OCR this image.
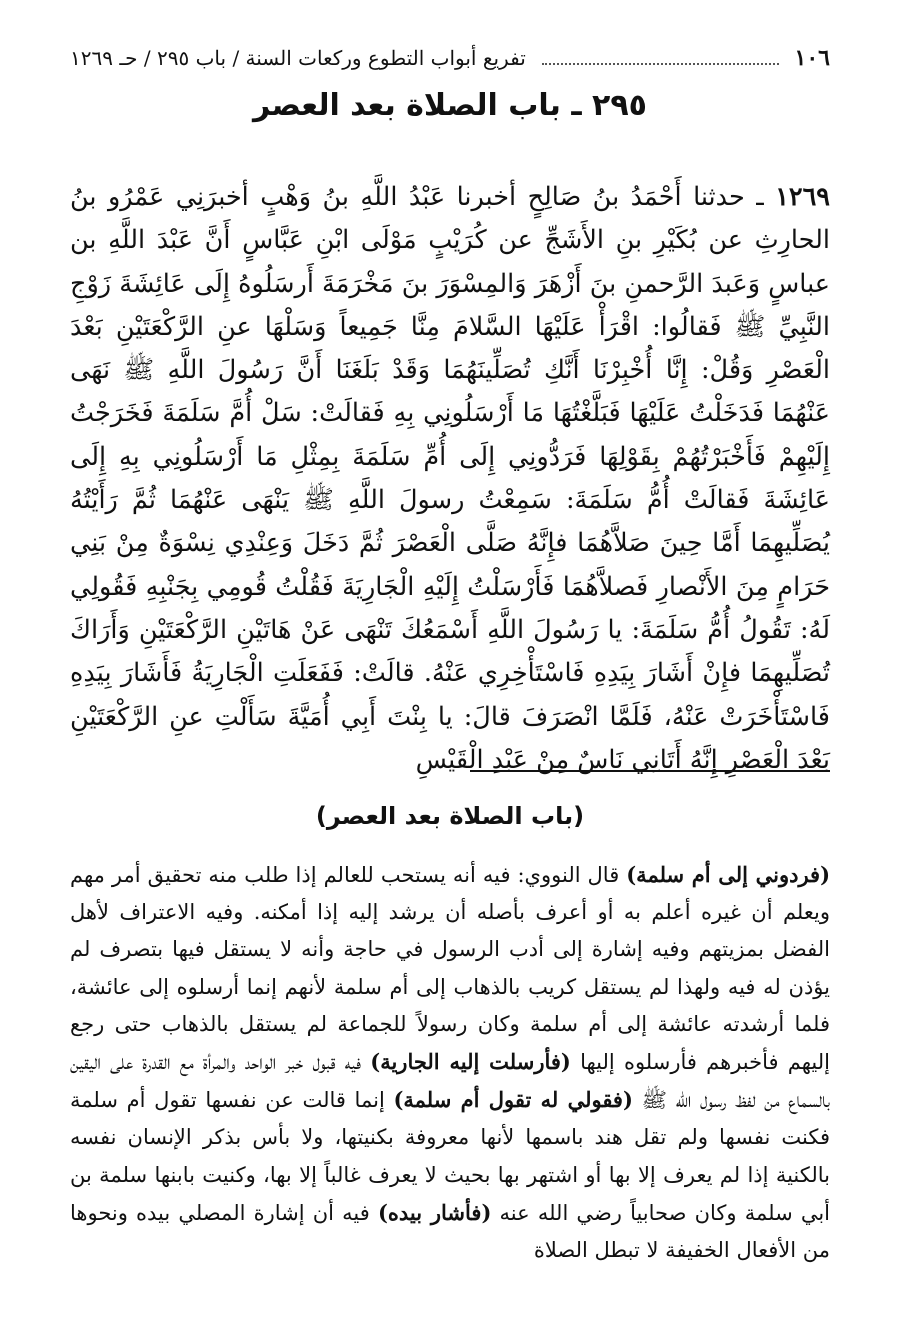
١٠٦
تفريع أبواب التطوع وركعات السنة / باب ٢٩٥ / حـ ١٢٦٩
٢٩٥ ـ باب الصلاة بعد العصر
١٢٦٩ ـ حدثنا أَحْمَدُ بنُ صَالِحٍ أخبرنا عَبْدُ اللَّهِ بنُ وَهْبٍ أخبرَنِي عَمْرُو بنُ الحارِثِ عن بُكَيْرِ بنِ الأَشَجِّ عن كُرَيْبٍ مَوْلَى ابْنِ عَبَّاسٍ أَنَّ عَبْدَ اللَّهِ بن عباسٍ وَعَبدَ الرَّحمنِ بنَ أَزْهَرَ وَالمِسْوَرَ بنَ مَخْرَمَةَ أَرسَلُوهُ إِلَى عَائِشَةَ زَوْجِ النَّبِيِّ ﷺ فَقالُوا: اقْرَأْ عَلَيْهَا السَّلامَ مِنَّا جَمِيعاً وَسَلْهَا عنِ الرَّكْعَتَيْنِ بَعْدَ الْعَصْرِ وَقُلْ: إِنَّا أُخْبِرْنَا أَنَّكِ تُصَلِّينَهُمَا وَقَدْ بَلَغَنَا أَنَّ رَسُولَ اللَّهِ ﷺ نَهَى عَنْهُمَا فَدَخَلْتُ عَلَيْهَا فَبَلَّغْتُهَا مَا أَرْسَلُونِي بِهِ فَقالَتْ: سَلْ أُمَّ سَلَمَةَ فَخَرَجْتُ إِلَيْهِمْ فَأَخْبَرْتُهُمْ بِقَوْلِهَا فَرَدُّونِي إِلَى أُمِّ سَلَمَةَ بِمِثْلِ مَا أَرْسَلُونِي بِهِ إِلَى عَائِشَةَ فَقالَتْ أُمُّ سَلَمَةَ: سَمِعْتُ رسولَ اللَّهِ ﷺ يَنْهَى عَنْهُمَا ثُمَّ رَأَيْتُهُ يُصَلِّيهِمَا أَمَّا حِينَ صَلاَّهُمَا فإِنَّهُ صَلَّى الْعَصْرَ ثُمَّ دَخَلَ وَعِنْدِي نِسْوَةٌ مِنْ بَنِي حَرَامٍ مِنَ الأَنْصارِ فَصلاَّهُمَا فَأَرْسَلْتُ إِلَيْهِ الْجَارِيَةَ فَقُلْتُ قُومِي بِجَنْبِهِ فَقُولِي لَهُ: تَقُولُ أُمُّ سَلَمَةَ: يا رَسُولَ اللَّهِ أَسْمَعُكَ تَنْهَى عَنْ هَاتَيْنِ الرَّكْعَتَيْنِ وَأَرَاكَ تُصَلِّيهِمَا فإِنْ أَشَارَ بِيَدِهِ فَاسْتَأْخِرِي عَنْهُ. قالَتْ: فَفَعَلَتِ الْجَارِيَةُ فَأَشَارَ بِيَدِهِ فَاسْتَأْخَرَتْ عَنْهُ، فَلَمَّا انْصَرَفَ قالَ: يا بِنْتَ أَبِي أُمَيَّةَ سَأَلْتِ عنِ الرَّكْعَتَيْنِ بَعْدَ الْعَصْرِ إِنَّهُ أَتَانِي نَاسٌ مِنْ عَبْدِ الْقَيْسِ
(باب الصلاة بعد العصر)
(فردوني إلى أم سلمة) قال النووي: فيه أنه يستحب للعالم إذا طلب منه تحقيق أمر مهم ويعلم أن غيره أعلم به أو أعرف بأصله أن يرشد إليه إذا أمكنه. وفيه الاعتراف لأهل الفضل بمزيتهم وفيه إشارة إلى أدب الرسول في حاجة وأنه لا يستقل فيها بتصرف لم يؤذن له فيه ولهذا لم يستقل كريب بالذهاب إلى أم سلمة لأنهم إنما أرسلوه إلى عائشة، فلما أرشدته عائشة إلى أم سلمة وكان رسولاً للجماعة لم يستقل بالذهاب حتى رجع إليهم فأخبرهم فأرسلوه إليها (فأرسلت إليه الجارية) فيه قبول خبر الواحد والمرأة مع القدرة على اليقين بالسماع من لفظ رسول الله ﷺ (فقولي له تقول أم سلمة) إنما قالت عن نفسها تقول أم سلمة فكنت نفسها ولم تقل هند باسمها لأنها معروفة بكنيتها، ولا بأس بذكر الإنسان نفسه بالكنية إذا لم يعرف إلا بها أو اشتهر بها بحيث لا يعرف غالباً إلا بها، وكنيت بابنها سلمة بن أبي سلمة وكان صحابياً رضي الله عنه (فأشار بيده) فيه أن إشارة المصلي بيده ونحوها من الأفعال الخفيفة لا تبطل الصلاة
